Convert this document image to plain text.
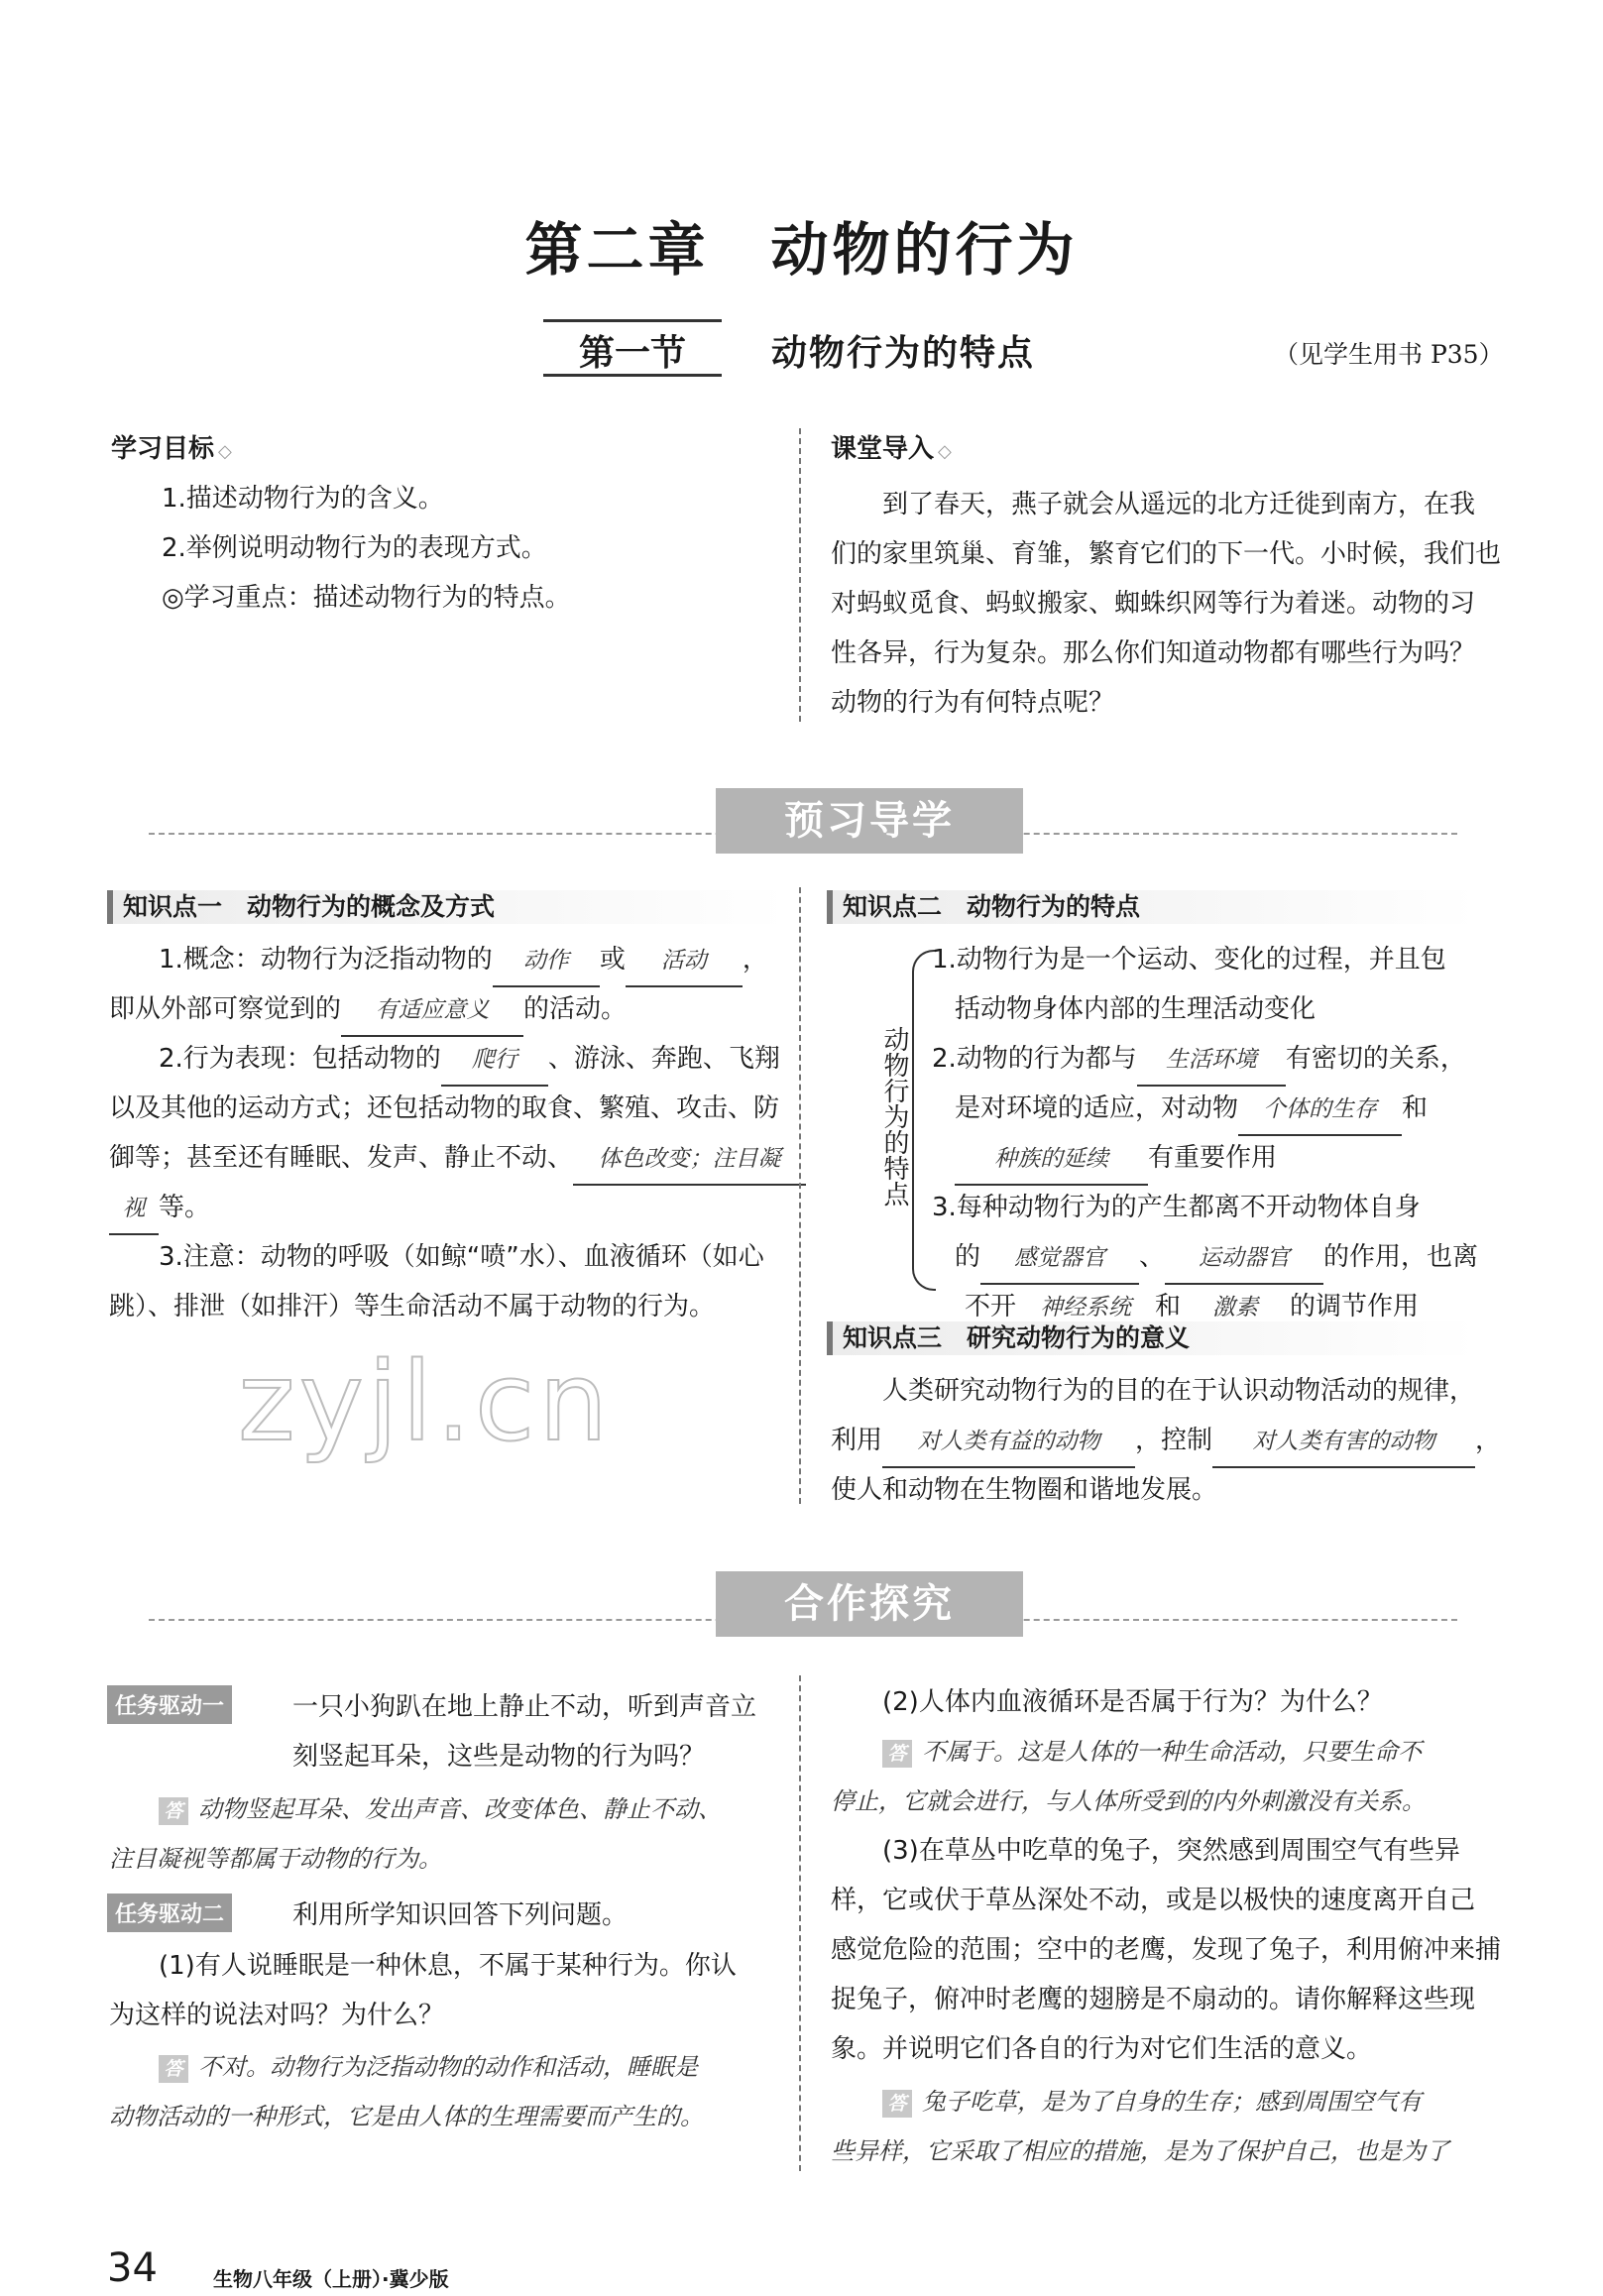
第二章　动物的行为
第一节	动物行为的特点	（见学生用书 P35）
学习目标 ◇
1.描述动物行为的含义。
2.举例说明动物行为的表现方式。
◎学习重点：描述动物行为的特点。
课堂导入 ◇
到了春天，燕子就会从遥远的北方迁徙到南方，在我
们的家里筑巢、育雏，繁育它们的下一代。小时候，我们也
对蚂蚁觅食、蚂蚁搬家、蜘蛛织网等行为着迷。动物的习
性各异，行为复杂。那么你们知道动物都有哪些行为吗？
动物的行为有何特点呢？
预习导学
知识点一　动物行为的概念及方式
1.概念：动物行为泛指动物的 动作 或 活动 ，
即从外部可察觉到的 有适应意义 的活动。
2.行为表现：包括动物的 爬行 、游泳、奔跑、飞翔
以及其他的运动方式；还包括动物的取食、繁殖、攻击、防
御等；甚至还有睡眠、发声、静止不动、 体色改变；注目凝
视 等。
3.注意：动物的呼吸（如鲸“喷”水）、血液循环（如心
跳）、排泄（如排汗）等生命活动不属于动物的行为。
知识点二　动物行为的特点
动物行为的特点
1.动物行为是一个运动、变化的过程，并且包
括动物身体内部的生理活动变化
2.动物的行为都与 生活环境 有密切的关系，
是对环境的适应，对动物 个体的生存 和
种族的延续 有重要作用
3.每种动物行为的产生都离不开动物体自身
的 感觉器官 、 运动器官 的作用，也离
不开 神经系统 和 激素 的调节作用
知识点三　研究动物行为的意义
人类研究动物行为的目的在于认识动物活动的规律，
利用 对人类有益的动物 ，控制 对人类有害的动物 ，
使人和动物在生物圈和谐地发展。
zyjl.cn
合作探究
任务驱动一	一只小狗趴在地上静止不动，听到声音立
刻竖起耳朵，这些是动物的行为吗？
答 动物竖起耳朵、发出声音、改变体色、静止不动、
注目凝视等都属于动物的行为。
任务驱动二	利用所学知识回答下列问题。
(1)有人说睡眠是一种休息，不属于某种行为。你认
为这样的说法对吗？为什么？
答 不对。动物行为泛指动物的动作和活动，睡眠是
动物活动的一种形式，它是由人体的生理需要而产生的。
(2)人体内血液循环是否属于行为？为什么？
答 不属于。这是人体的一种生命活动，只要生命不
停止，它就会进行，与人体所受到的内外刺激没有关系。
(3)在草丛中吃草的兔子，突然感到周围空气有些异
样，它或伏于草丛深处不动，或是以极快的速度离开自己
感觉危险的范围；空中的老鹰，发现了兔子，利用俯冲来捕
捉兔子，俯冲时老鹰的翅膀是不扇动的。请你解释这些现
象。并说明它们各自的行为对它们生活的意义。
答 兔子吃草，是为了自身的生存；感到周围空气有
些异样，它采取了相应的措施，是为了保护自己，也是为了
34	生物八年级（上册）·冀少版
